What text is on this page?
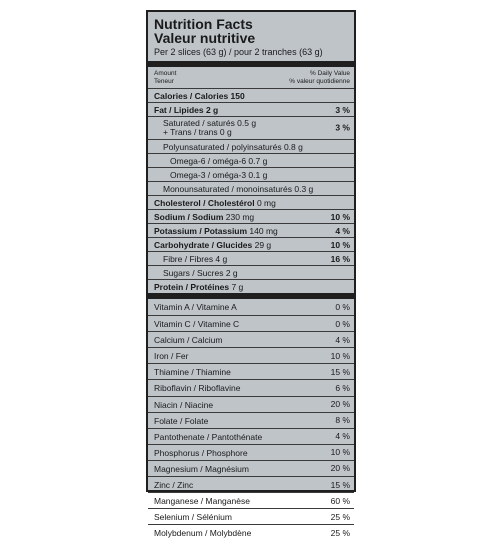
Nutrition Facts
Valeur nutritive
Per 2 slices (63 g) / pour 2 tranches (63 g)
Amount
Teneur
% Daily Value
% valeur quotidienne
Calories / Calories 150
Fat / Lipides 2 g	3 %
Saturated / saturés 0.5 g
+ Trans / trans 0 g	3 %
Polyunsaturated / polyinsaturés 0.8 g
Omega-6 / oméga-6 0.7 g
Omega-3 / oméga-3 0.1 g
Monounsaturated / monoinsaturés 0.3 g
Cholesterol / Cholestérol 0 mg
Sodium / Sodium 230 mg	10 %
Potassium / Potassium 140 mg	4 %
Carbohydrate / Glucides 29 g	10 %
Fibre / Fibres 4 g	16 %
Sugars / Sucres 2 g
Protein / Protéines 7 g
Vitamin A / Vitamine A	0 %
Vitamin C / Vitamine C	0 %
Calcium / Calcium	4 %
Iron / Fer	10 %
Thiamine / Thiamine	15 %
Riboflavin / Riboflavine	6 %
Niacin / Niacine	20 %
Folate / Folate	8 %
Pantothenate / Pantothénate	4 %
Phosphorus / Phosphore	10 %
Magnesium / Magnésium	20 %
Zinc / Zinc	15 %
Manganese / Manganèse	60 %
Selenium / Sélénium	25 %
Molybdenum / Molybdène	25 %
